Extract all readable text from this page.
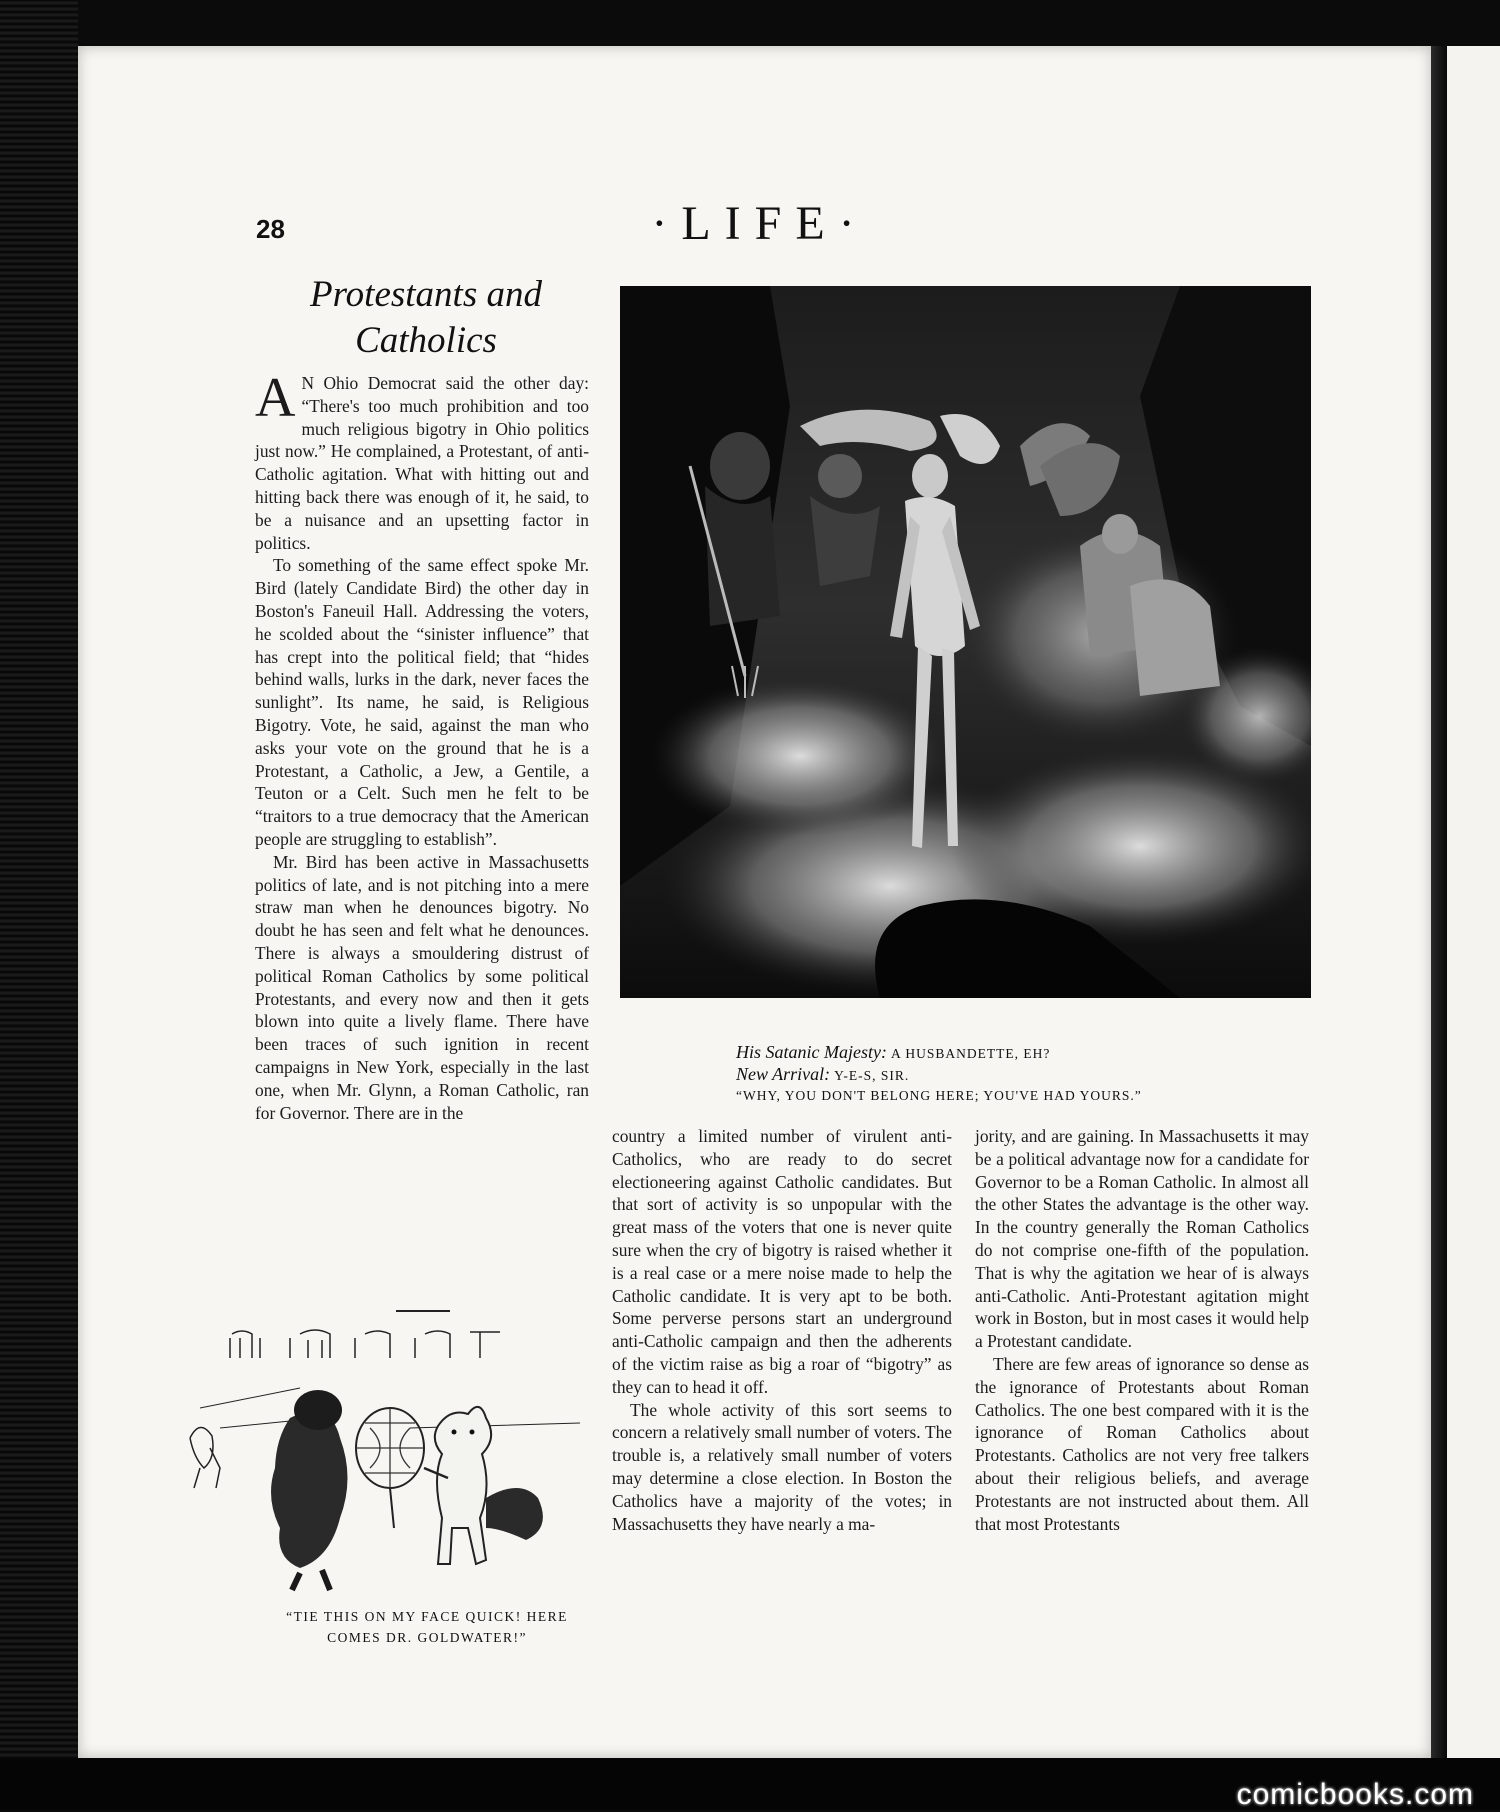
comicbooks.com
28	·LIFE·
Protestants and
Catholics

A N Ohio Democrat said the other day: “There's too much prohibition and too much religious bigotry in Ohio politics just now.” He complained, a Protestant, of anti-Catholic agitation. What with hitting out and hitting back there was enough of it, he said, to be a nuisance and an upsetting factor in politics.

To something of the same effect spoke Mr. Bird (lately Candidate Bird) the other day in Boston's Faneuil Hall. Addressing the voters, he scolded about the “sinister influence” that has crept into the political field; that “hides behind walls, lurks in the dark, never faces the sunlight”. Its name, he said, is Religious Bigotry. Vote, he said, against the man who asks your vote on the ground that he is a Protestant, a Catholic, a Jew, a Gentile, a Teuton or a Celt. Such men he felt to be “traitors to a true democracy that the American people are struggling to establish”.

Mr. Bird has been active in Massachusetts politics of late, and is not pitching into a mere straw man when he denounces bigotry. No doubt he has seen and felt what he denounces. There is always a smouldering distrust of political Roman Catholics by some political Protestants, and every now and then it gets blown into quite a lively flame. There have been traces of such ignition in recent campaigns in New York, especially in the last one, when Mr. Glynn, a Roman Catholic, ran for Governor. There are in the

His Satanic Majesty: A HUSBANDETTE, EH?
New Arrival: Y-E-S, SIR.
“WHY, YOU DON'T BELONG HERE; YOU'VE HAD YOURS.”
“TIE THIS ON MY FACE QUICK! HERE
COMES DR. GOLDWATER!”

country a limited number of virulent anti-Catholics, who are ready to do secret electioneering against Catholic candidates. But that sort of activity is so unpopular with the great mass of the voters that one is never quite sure when the cry of bigotry is raised whether it is a real case or a mere noise made to help the Catholic candidate. It is very apt to be both. Some perverse persons start an underground anti-Catholic campaign and then the adherents of the victim raise as big a roar of “bigotry” as they can to head it off.

The whole activity of this sort seems to concern a relatively small number of voters. The trouble is, a relatively small number of voters may determine a close election. In Boston the Catholics have a majority of the votes; in Massachusetts they have nearly a ma-

jority, and are gaining. In Massachusetts it may be a political advantage now for a candidate for Governor to be a Roman Catholic. In almost all the other States the advantage is the other way. In the country generally the Roman Catholics do not comprise one-fifth of the population. That is why the agitation we hear of is always anti-Catholic. Anti-Protestant agitation might work in Boston, but in most cases it would help a Protestant candidate.

There are few areas of ignorance so dense as the ignorance of Protestants about Roman Catholics. The one best compared with it is the ignorance of Roman Catholics about Protestants. Catholics are not very free talkers about their religious beliefs, and average Protestants are not instructed about them. All that most Protestants
